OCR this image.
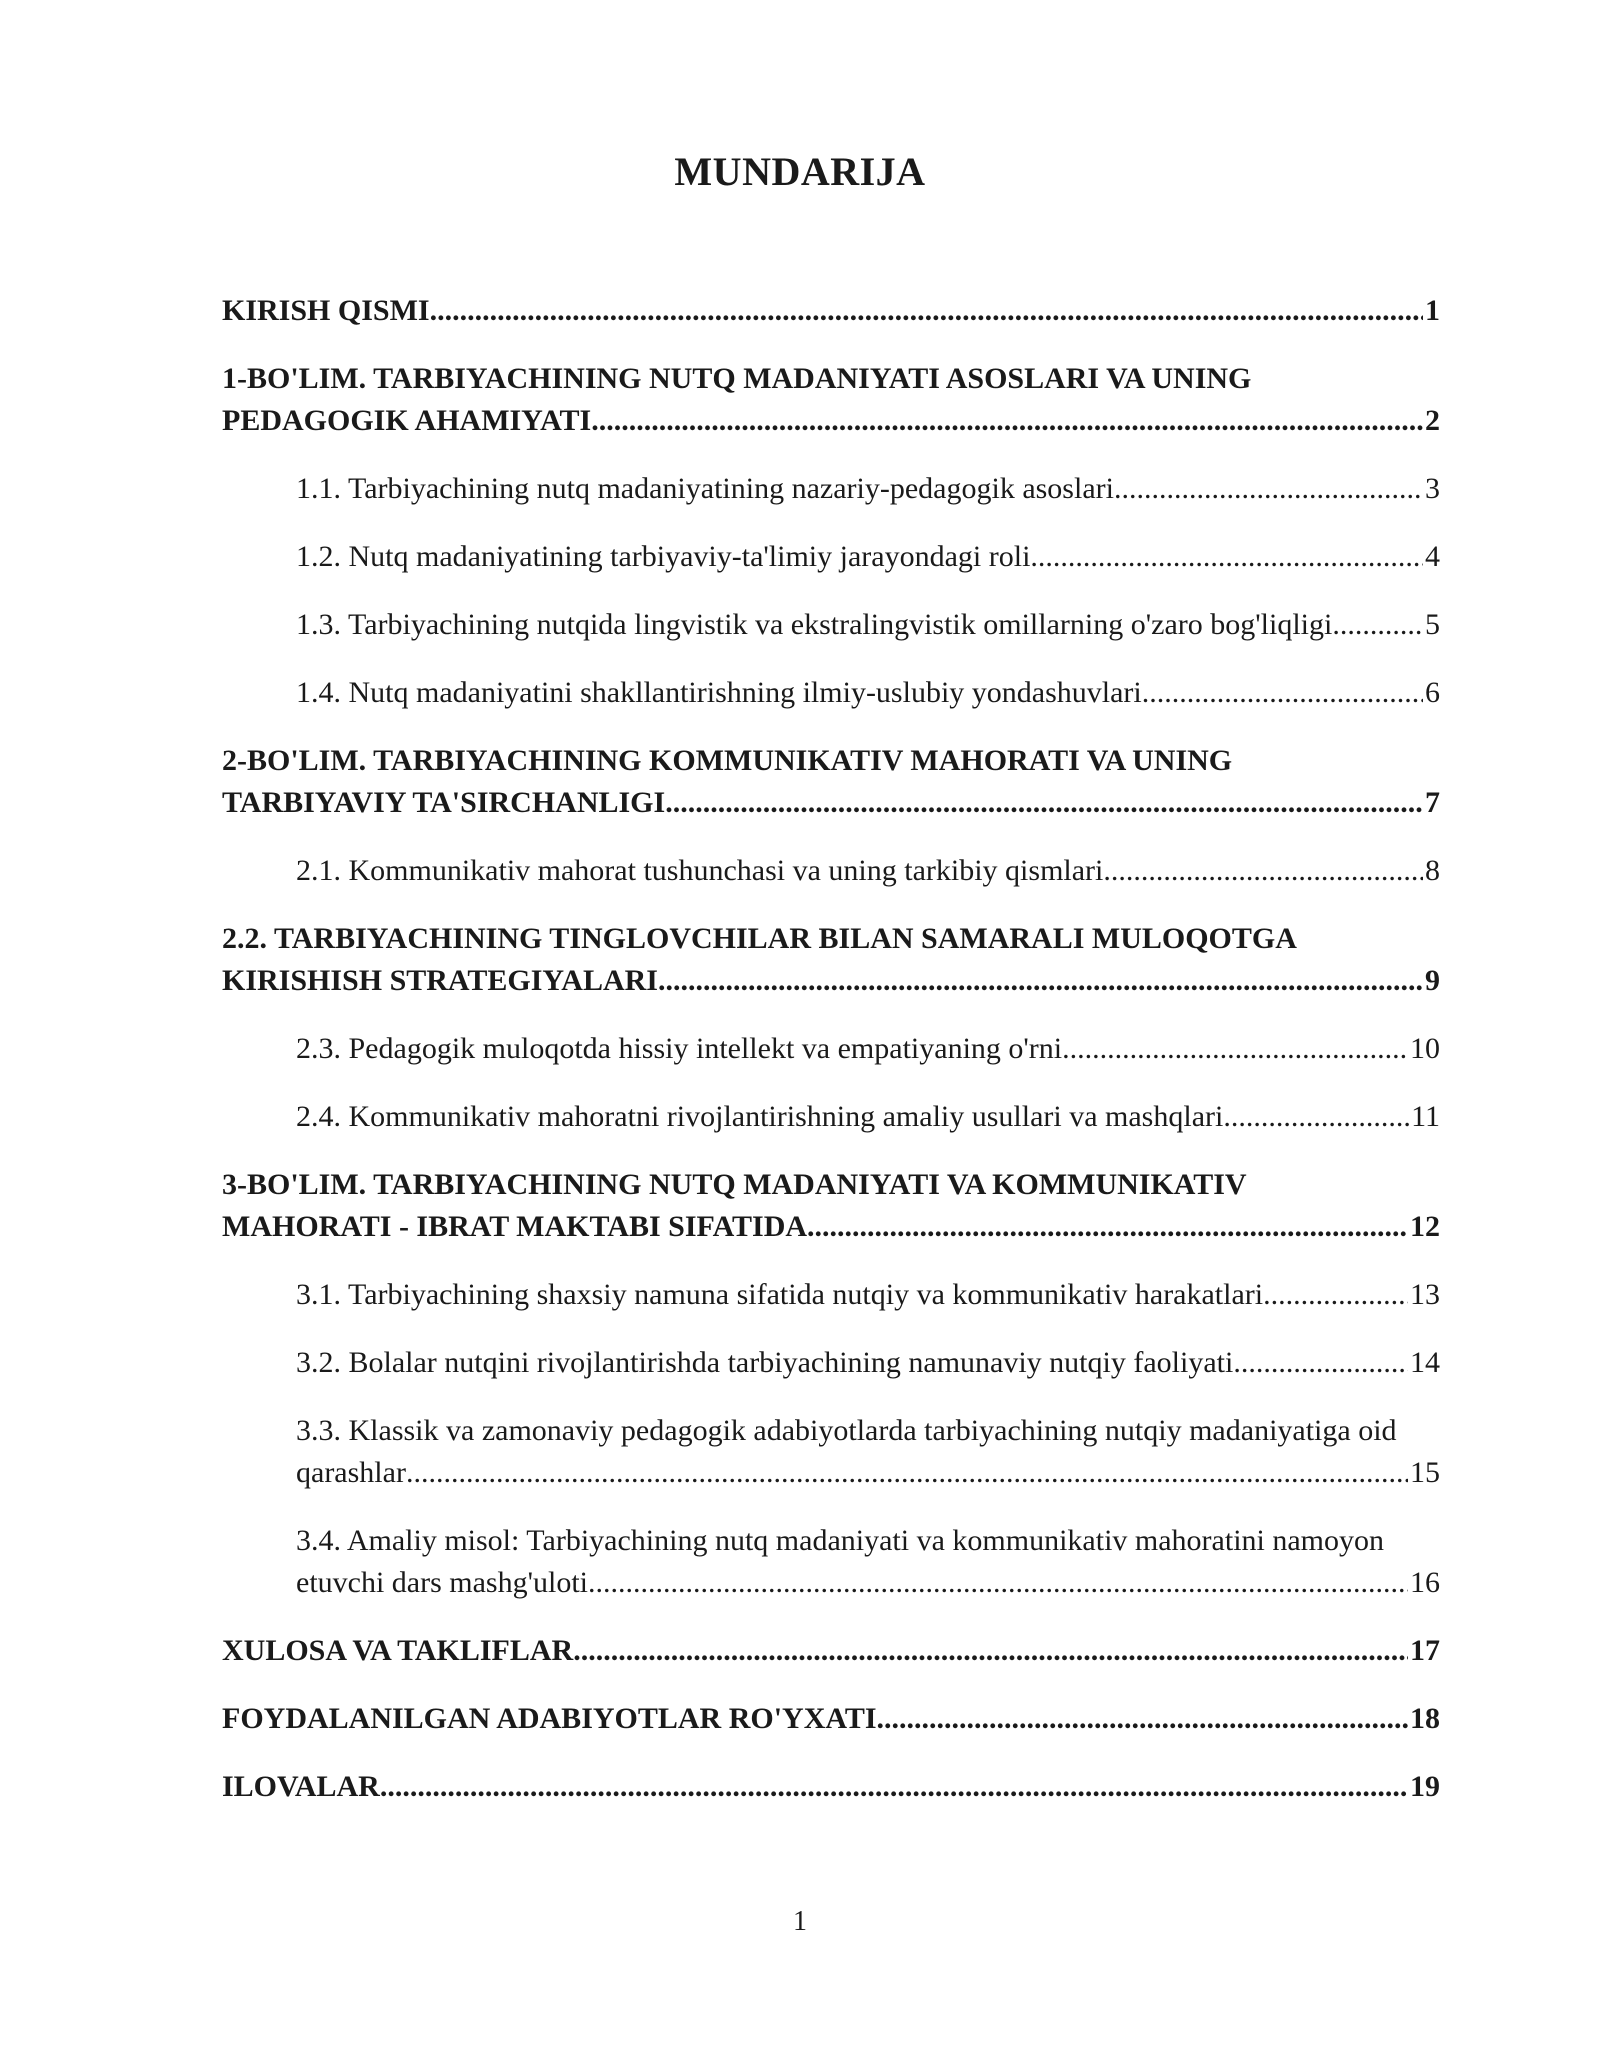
MUNDARIJA
KIRISH QISMI .....	1
1-BO'LIM. TARBIYACHINING NUTQ MADANIYATI ASOSLARI VA UNING
PEDAGOGIK AHAMIYATI .....	2
1.1. Tarbiyachining nutq madaniyatining nazariy-pedagogik asoslari .....	3
1.2. Nutq madaniyatining tarbiyaviy-ta'limiy jarayondagi roli .....	4
1.3. Tarbiyachining nutqida lingvistik va ekstralingvistik omillarning o'zaro bog'liqligi .....	5
1.4. Nutq madaniyatini shakllantirishning ilmiy-uslubiy yondashuvlari .....	6
2-BO'LIM. TARBIYACHINING KOMMUNIKATIV MAHORATI VA UNING
TARBIYAVIY TA'SIRCHANLIGI .....	7
2.1. Kommunikativ mahorat tushunchasi va uning tarkibiy qismlari .....	8
2.2. TARBIYACHINING TINGLOVCHILAR BILAN SAMARALI MULOQOTGA
KIRISHISH STRATEGIYALARI .....	9
2.3. Pedagogik muloqotda hissiy intellekt va empatiyaning o'rni .....	10
2.4. Kommunikativ mahoratni rivojlantirishning amaliy usullari va mashqlari .....	11
3-BO'LIM. TARBIYACHINING NUTQ MADANIYATI VA KOMMUNIKATIV
MAHORATI - IBRAT MAKTABI SIFATIDA .....	12
3.1. Tarbiyachining shaxsiy namuna sifatida nutqiy va kommunikativ harakatlari .....	13
3.2. Bolalar nutqini rivojlantirishda tarbiyachining namunaviy nutqiy faoliyati .....	14
3.3. Klassik va zamonaviy pedagogik adabiyotlarda tarbiyachining nutqiy madaniyatiga oid
qarashlar .....	15
3.4. Amaliy misol: Tarbiyachining nutq madaniyati va kommunikativ mahoratini namoyon
etuvchi dars mashg'uloti .....	16
XULOSA VA TAKLIFLAR .....	17
FOYDALANILGAN ADABIYOTLAR RO'YXATI .....	18
ILOVALAR .....	19
1
